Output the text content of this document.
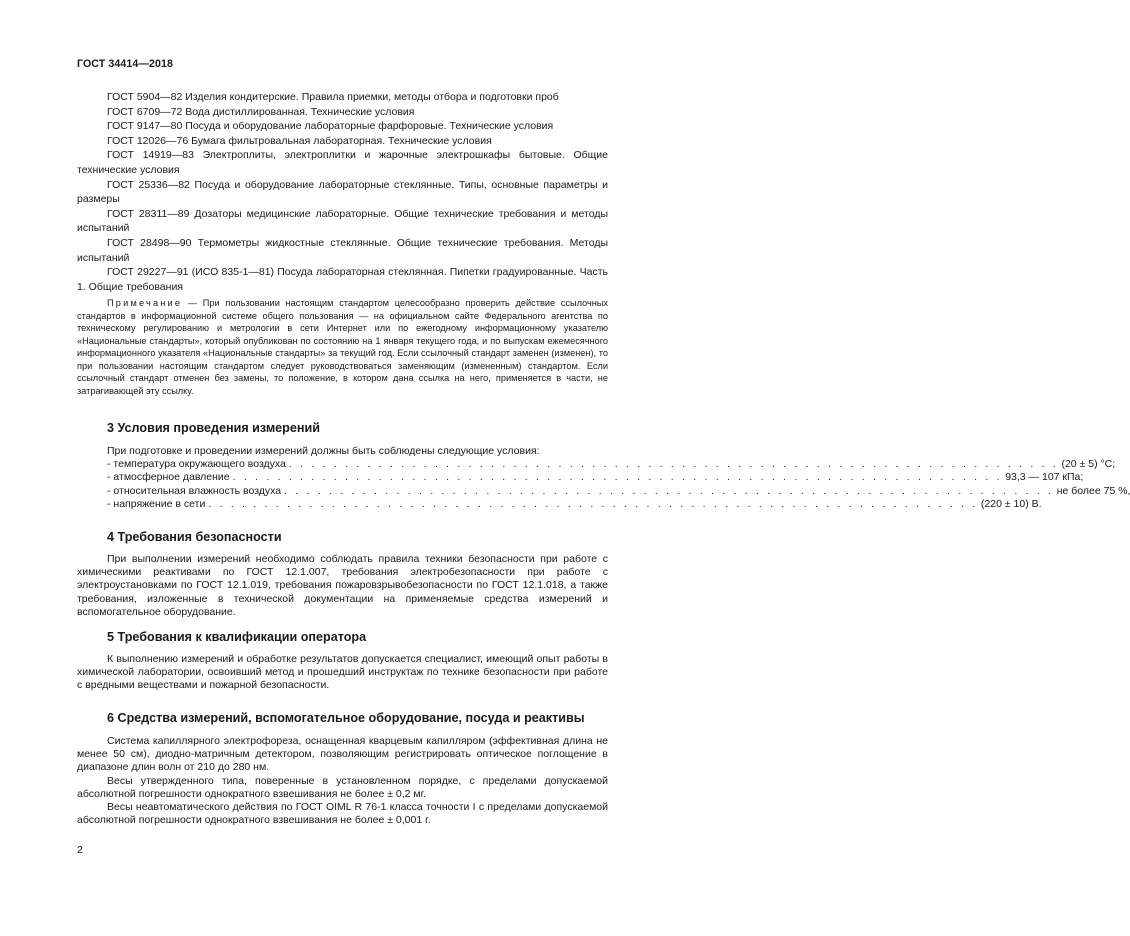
ГОСТ 34414—2018

ГОСТ 5904—82 Изделия кондитерские. Правила приемки, методы отбора и подготовки проб

ГОСТ 6709—72 Вода дистиллированная. Технические условия

ГОСТ 9147—80 Посуда и оборудование лабораторные фарфоровые. Технические условия

ГОСТ 12026—76 Бумага фильтровальная лабораторная. Технические условия

ГОСТ 14919—83 Электроплиты, электроплитки и жарочные электрошкафы бытовые. Общие технические условия

ГОСТ 25336—82 Посуда и оборудование лабораторные стеклянные. Типы, основные параметры и размеры

ГОСТ 28311—89 Дозаторы медицинские лабораторные. Общие технические требования и методы испытаний

ГОСТ 28498—90 Термометры жидкостные стеклянные. Общие технические требования. Методы испытаний

ГОСТ 29227—91 (ИСО 835-1—81) Посуда лабораторная стеклянная. Пипетки градуированные. Часть 1. Общие требования

Примечание — При пользовании настоящим стандартом целесообразно проверить действие ссылочных стандартов в информационной системе общего пользования — на официальном сайте Федерального агентства по техническому регулированию и метрологии в сети Интернет или по ежегодному информационному указателю «Национальные стандарты», который опубликован по состоянию на 1 января текущего года, и по выпускам ежемесячного информационного указателя «Национальные стандарты» за текущий год. Если ссылочный стандарт заменен (изменен), то при пользовании настоящим стандартом следует руководствоваться заменяющим (измененным) стандартом. Если ссылочный стандарт отменен без замены, то положение, в котором дана ссылка на него, применяется в части, не затрагивающей эту ссылку.

3 Условия проведения измерений

При подготовке и проведении измерений должны быть соблюдены следующие условия:

- температура окружающего воздуха . . . . . . . . . . . . . . . . . . . . . . . . . . . . . . . . . . . . . . . . . . . . . . . . . . . . . . . . . . . . . . . . . . . . . (20 ± 5) °С;
- атмосферное давление . . . . . . . . . . . . . . . . . . . . . . . . . . . . . . . . . . . . . . . . . . . . . . . . . . . . . . . . . . . . . . . . . . . . . 93,3 — 107 кПа;
- относительная влажность воздуха . . . . . . . . . . . . . . . . . . . . . . . . . . . . . . . . . . . . . . . . . . . . . . . . . . . . . . . . . . . . . . . . . . . . . не более 75 %,
- напряжение в сети . . . . . . . . . . . . . . . . . . . . . . . . . . . . . . . . . . . . . . . . . . . . . . . . . . . . . . . . . . . . . . . . . . . . . (220 ± 10) В.
4 Требования безопасности

При выполнении измерений необходимо соблюдать правила техники безопасности при работе с химическими реактивами по ГОСТ 12.1.007, требования электробезопасности при работе с электроустановками по ГОСТ 12.1.019, требования пожаровзрывобезопасности по ГОСТ 12.1.018, а также требования, изложенные в технической документации на применяемые средства измерений и вспомогательное оборудование.

5 Требования к квалификации оператора

К выполнению измерений и обработке результатов допускается специалист, имеющий опыт работы в химической лаборатории, освоивший метод и прошедший инструктаж по технике безопасности при работе с вредными веществами и пожарной безопасности.

6 Средства измерений, вспомогательное оборудование, посуда и реактивы

Система капиллярного электрофореза, оснащенная кварцевым капилляром (эффективная длина не менее 50 см), диодно-матричным детектором, позволяющим регистрировать оптическое поглощение в диапазоне длин волн от 210 до 280 нм.

Весы утвержденного типа, поверенные в установленном порядке, с пределами допускаемой абсолютной погрешности однократного взвешивания не более ± 0,2 мг.

Весы неавтоматического действия по ГОСТ OIML R 76-1 класса точности I с пределами допускаемой абсолютной погрешности однократного взвешивания не более ± 0,001 г.

2
